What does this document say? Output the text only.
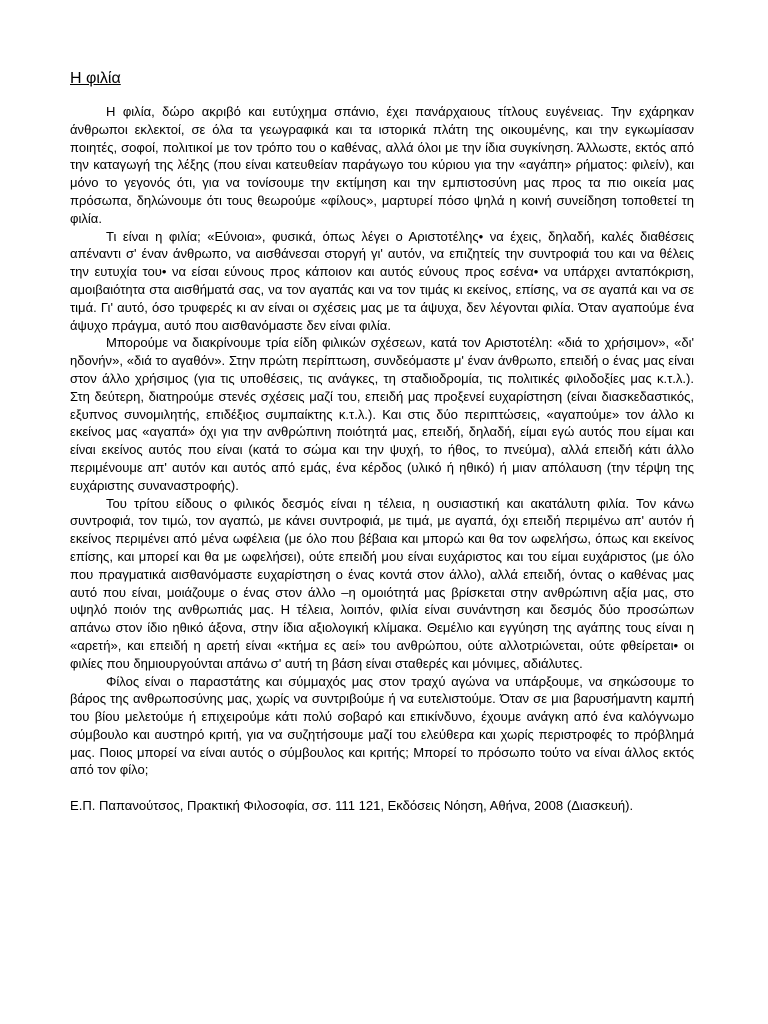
Η φιλία

Η φιλία, δώρο ακριβό και ευτύχημα σπάνιο, έχει πανάρχαιους τίτλους ευγένειας. Την εχάρηκαν άνθρωποι εκλεκτοί, σε όλα τα γεωγραφικά και τα ιστορικά πλάτη της οικουμένης, και την εγκωμίασαν ποιητές, σοφοί, πολιτικοί με τον τρόπο του ο καθένας, αλλά όλοι με την ίδια συγκίνηση. Άλλωστε, εκτός από την καταγωγή της λέξης (που είναι κατευθείαν παράγωγο του κύριου για την «αγάπη» ρήματος: φιλείν), και μόνο το γεγονός ότι, για να τονίσουμε την εκτίμηση και την εμπιστοσύνη μας προς τα πιο οικεία μας πρόσωπα, δηλώνουμε ότι τους θεωρούμε «φίλους», μαρτυρεί πόσο ψηλά η κοινή συνείδηση τοποθετεί τη φιλία.

Τι είναι η φιλία; «Εύνοια», φυσικά, όπως λέγει ο Αριστοτέλης• να έχεις, δηλαδή, καλές διαθέσεις απέναντι σ' έναν άνθρωπο, να αισθάνεσαι στοργή γι' αυτόν, να επιζητείς την συντροφιά του και να θέλεις την ευτυχία του• να είσαι εύνους προς κάποιον και αυτός εύνους προς εσένα• να υπάρχει ανταπόκριση, αμοιβαιότητα στα αισθήματά σας, να τον αγαπάς και να τον τιμάς κι εκείνος, επίσης, να σε αγαπά και να σε τιμά. Γι' αυτό, όσο τρυφερές κι αν είναι οι σχέσεις μας με τα άψυχα, δεν λέγονται φιλία. Όταν αγαπούμε ένα άψυχο πράγμα, αυτό που αισθανόμαστε δεν είναι φιλία.

Μπορούμε να διακρίνουμε τρία είδη φιλικών σχέσεων, κατά τον Αριστοτέλη: «διά το χρήσιμον», «δι' ηδονήν», «διά το αγαθόν». Στην πρώτη περίπτωση, συνδεόμαστε μ' έναν άνθρωπο, επειδή ο ένας μας είναι στον άλλο χρήσιμος (για τις υποθέσεις, τις ανάγκες, τη σταδιοδρομία, τις πολιτικές φιλοδοξίες μας κ.τ.λ.). Στη δεύτερη, διατηρούμε στενές σχέσεις μαζί του, επειδή μας προξενεί ευχαρίστηση (είναι διασκεδαστικός, εξυπνος συνομιλητής, επιδέξιος συμπαίκτης κ.τ.λ.). Και στις δύο περιπτώσεις, «αγαπούμε» τον άλλο κι εκείνος μας «αγαπά» όχι για την ανθρώπινη ποιότητά μας, επειδή, δηλαδή, είμαι εγώ αυτός που είμαι και είναι εκείνος αυτός που είναι (κατά το σώμα και την ψυχή, το ήθος, το πνεύμα), αλλά επειδή κάτι άλλο περιμένουμε απ' αυτόν και αυτός από εμάς, ένα κέρδος (υλικό ή ηθικό) ή μιαν απόλαυση (την τέρψη της ευχάριστης συναναστροφής).

Του τρίτου είδους ο φιλικός δεσμός είναι η τέλεια, η ουσιαστική και ακατάλυτη φιλία. Τον κάνω συντροφιά, τον τιμώ, τον αγαπώ, με κάνει συντροφιά, με τιμά, με αγαπά, όχι επειδή περιμένω απ' αυτόν ή εκείνος περιμένει από μένα ωφέλεια (με όλο που βέβαια και μπορώ και θα τον ωφελήσω, όπως και εκείνος επίσης, και μπορεί και θα με ωφελήσει), ούτε επειδή μου είναι ευχάριστος και του είμαι ευχάριστος (με όλο που πραγματικά αισθανόμαστε ευχαρίστηση ο ένας κοντά στον άλλο), αλλά επειδή, όντας ο καθένας μας αυτό που είναι, μοιάζουμε ο ένας στον άλλο –η ομοιότητά μας βρίσκεται στην ανθρώπινη αξία μας, στο υψηλό ποιόν της ανθρωπιάς μας. Η τέλεια, λοιπόν, φιλία είναι συνάντηση και δεσμός δύο προσώπων απάνω στον ίδιο ηθικό άξονα, στην ίδια αξιολογική κλίμακα. Θεμέλιο και εγγύηση της αγάπης τους είναι η «αρετή», και επειδή η αρετή είναι «κτήμα ες αεί» του ανθρώπου, ούτε αλλοτριώνεται, ούτε φθείρεται• οι φιλίες που δημιουργούνται απάνω σ' αυτή τη βάση είναι σταθερές και μόνιμες, αδιάλυτες.

Φίλος είναι ο παραστάτης και σύμμαχός μας στον τραχύ αγώνα να υπάρξουμε, να σηκώσουμε το βάρος της ανθρωποσύνης μας, χωρίς να συντριβούμε ή να ευτελιστούμε. Όταν σε μια βαρυσήμαντη καμπή του βίου μελετούμε ή επιχειρούμε κάτι πολύ σοβαρό και επικίνδυνο, έχουμε ανάγκη από ένα καλόγνωμο σύμβουλο και αυστηρό κριτή, για να συζητήσουμε μαζί του ελεύθερα και χωρίς περιστροφές το πρόβλημά μας. Ποιος μπορεί να είναι αυτός ο σύμβουλος και κριτής; Μπορεί το πρόσωπο τούτο να είναι άλλος εκτός από τον φίλο;

Ε.Π. Παπανούτσος, Πρακτική Φιλοσοφία, σσ. 111 121, Εκδόσεις Νόηση, Αθήνα, 2008 (Διασκευή).
